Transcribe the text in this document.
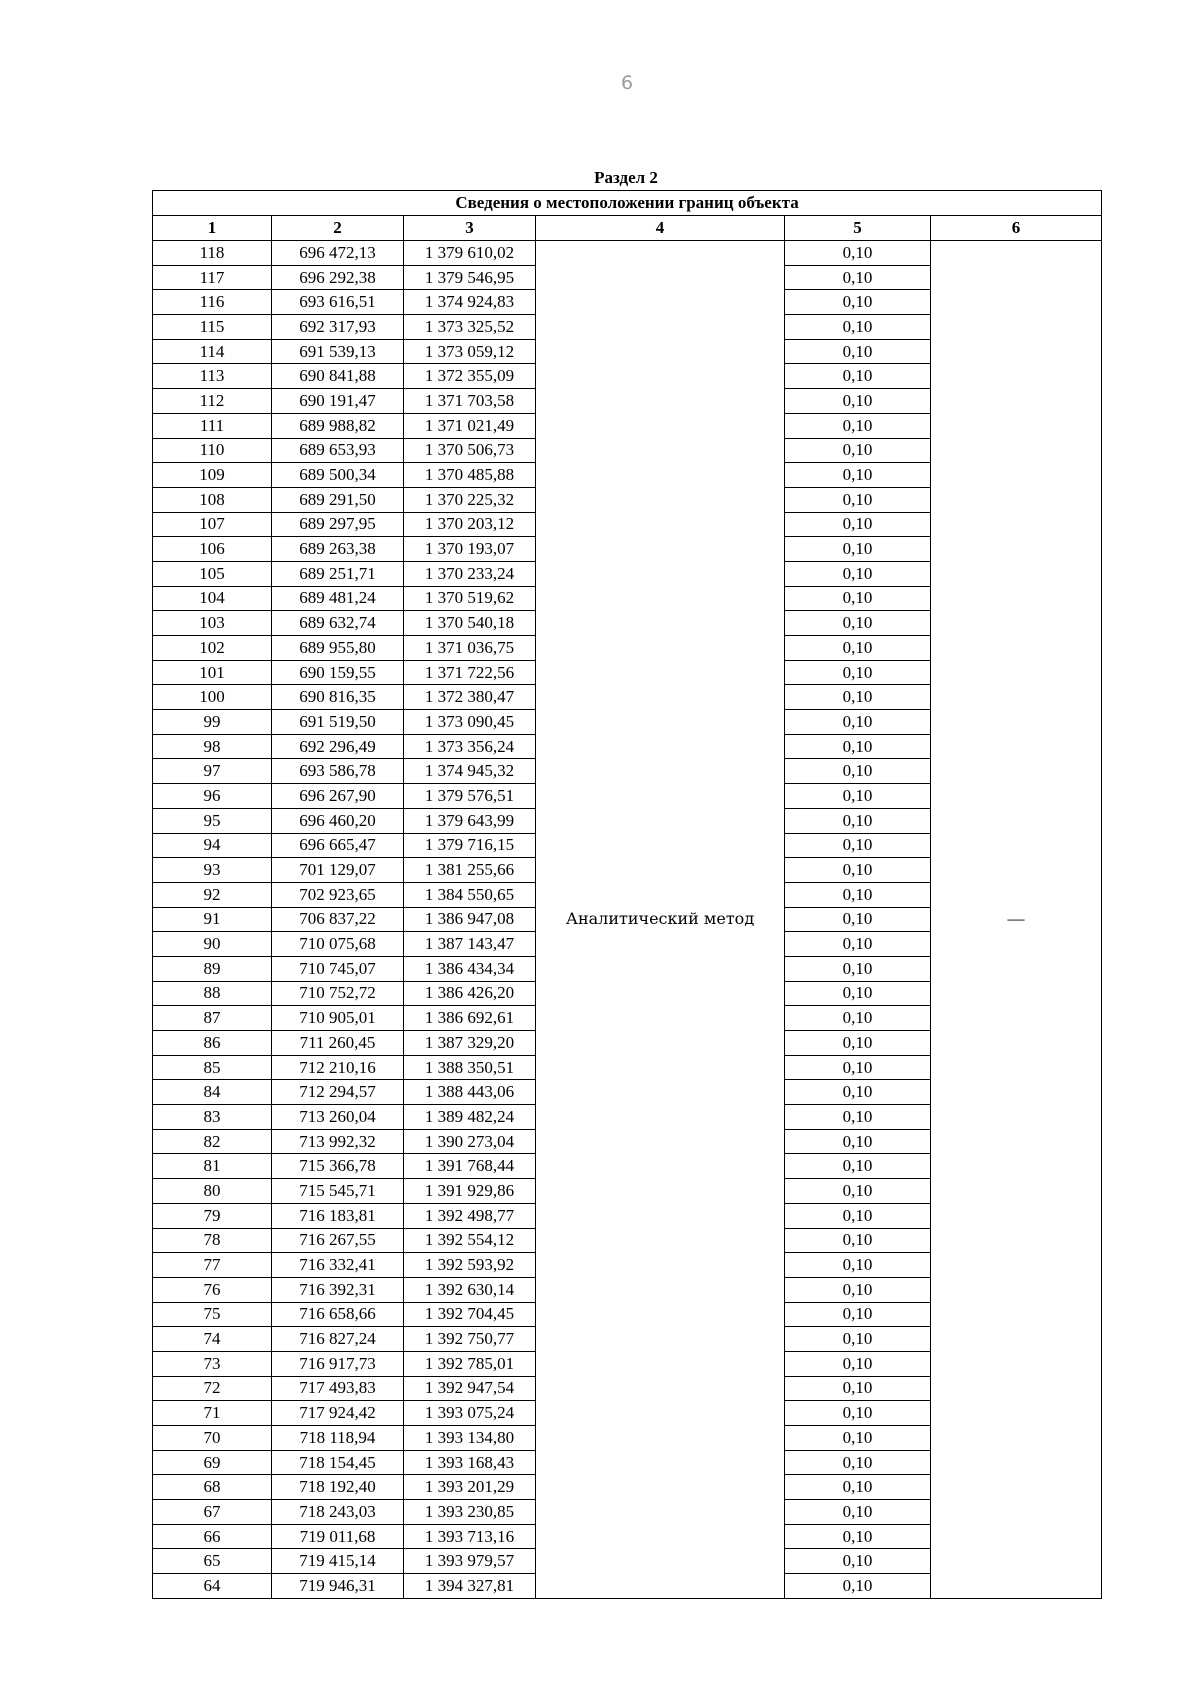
6
Раздел 2
Сведения о местоположении границ объекта					
1	2	3	4	5	6
118	696 472,13	1 379 610,02	Аналитический метод	0,10	—
117	696 292,38	1 379 546,95		0,10	
116	693 616,51	1 374 924,83		0,10	
115	692 317,93	1 373 325,52		0,10	
114	691 539,13	1 373 059,12		0,10	
113	690 841,88	1 372 355,09		0,10	
112	690 191,47	1 371 703,58		0,10	
111	689 988,82	1 371 021,49		0,10	
110	689 653,93	1 370 506,73		0,10	
109	689 500,34	1 370 485,88		0,10	
108	689 291,50	1 370 225,32		0,10	
107	689 297,95	1 370 203,12		0,10	
106	689 263,38	1 370 193,07		0,10	
105	689 251,71	1 370 233,24		0,10	
104	689 481,24	1 370 519,62		0,10	
103	689 632,74	1 370 540,18		0,10	
102	689 955,80	1 371 036,75		0,10	
101	690 159,55	1 371 722,56		0,10	
100	690 816,35	1 372 380,47		0,10	
99	691 519,50	1 373 090,45		0,10	
98	692 296,49	1 373 356,24		0,10	
97	693 586,78	1 374 945,32		0,10	
96	696 267,90	1 379 576,51		0,10	
95	696 460,20	1 379 643,99		0,10	
94	696 665,47	1 379 716,15		0,10	
93	701 129,07	1 381 255,66		0,10	
92	702 923,65	1 384 550,65		0,10	
91	706 837,22	1 386 947,08		0,10	
90	710 075,68	1 387 143,47		0,10	
89	710 745,07	1 386 434,34		0,10	
88	710 752,72	1 386 426,20		0,10	
87	710 905,01	1 386 692,61		0,10	
86	711 260,45	1 387 329,20		0,10	
85	712 210,16	1 388 350,51		0,10	
84	712 294,57	1 388 443,06		0,10	
83	713 260,04	1 389 482,24		0,10	
82	713 992,32	1 390 273,04		0,10	
81	715 366,78	1 391 768,44		0,10	
80	715 545,71	1 391 929,86		0,10	
79	716 183,81	1 392 498,77		0,10	
78	716 267,55	1 392 554,12		0,10	
77	716 332,41	1 392 593,92		0,10	
76	716 392,31	1 392 630,14		0,10	
75	716 658,66	1 392 704,45		0,10	
74	716 827,24	1 392 750,77		0,10	
73	716 917,73	1 392 785,01		0,10	
72	717 493,83	1 392 947,54		0,10	
71	717 924,42	1 393 075,24		0,10	
70	718 118,94	1 393 134,80		0,10	
69	718 154,45	1 393 168,43		0,10	
68	718 192,40	1 393 201,29		0,10	
67	718 243,03	1 393 230,85		0,10	
66	719 011,68	1 393 713,16		0,10	
65	719 415,14	1 393 979,57		0,10	
64	719 946,31	1 394 327,81		0,10	
